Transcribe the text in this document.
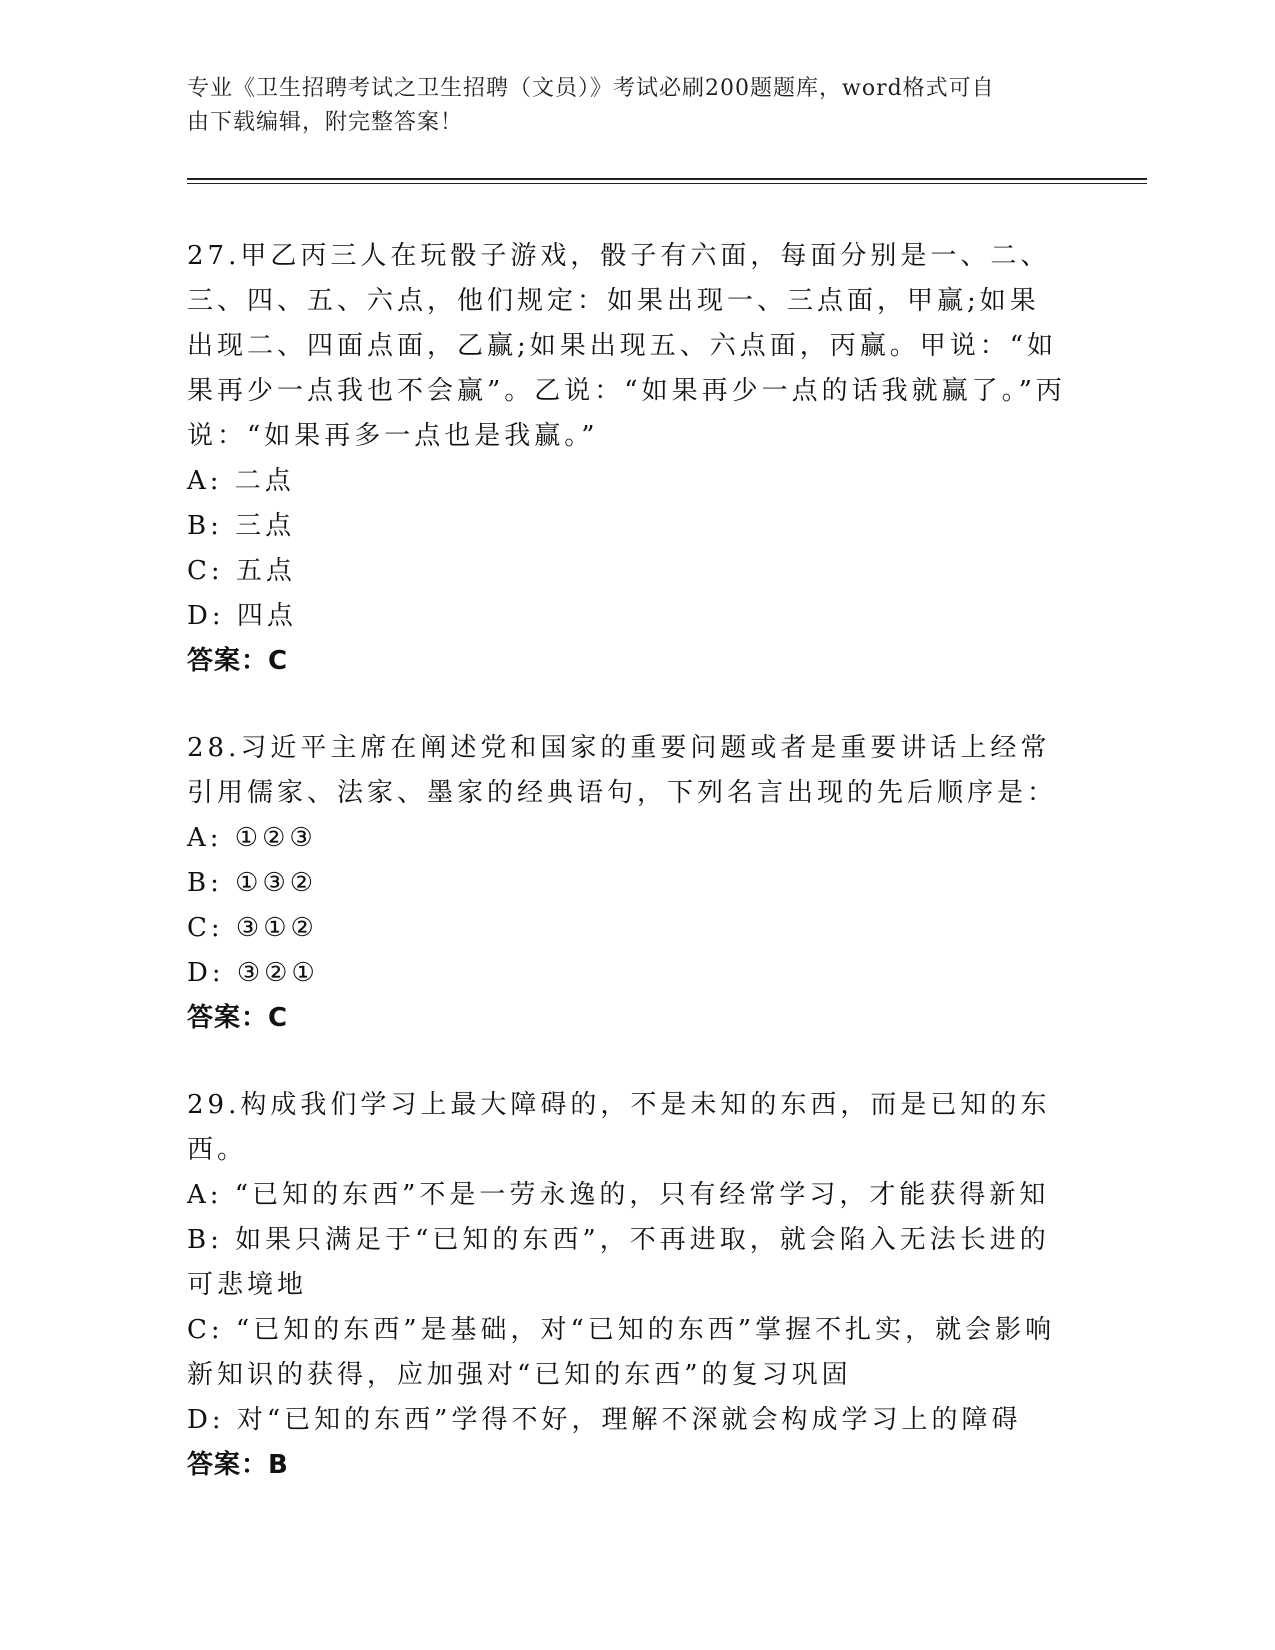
专业《卫生招聘考试之卫生招聘（文员）》考试必刷200题题库，word格式可自
由下载编辑，附完整答案！
27.甲乙丙三人在玩骰子游戏，骰子有六面，每面分别是一、二、三、四、五、六点，他们规定：如果出现一、三点面，甲赢;如果出现二、四面点面，乙赢;如果出现五、六点面，丙赢。甲说：“如果再少一点我也不会赢”。乙说：“如果再少一点的话我就赢了。”丙说：“如果再多一点也是我赢。”
A: 二点
B: 三点
C: 五点
D: 四点
答案：C
28.习近平主席在阐述党和国家的重要问题或者是重要讲话上经常引用儒家、法家、墨家的经典语句，下列名言出现的先后顺序是：
A: ①②③
B: ①③②
C: ③①②
D: ③②①
答案：C
29.构成我们学习上最大障碍的，不是未知的东西，而是已知的东西。
A: “已知的东西”不是一劳永逸的，只有经常学习，才能获得新知
B: 如果只满足于“已知的东西”，不再进取，就会陷入无法长进的可悲境地
C: “已知的东西”是基础，对“已知的东西”掌握不扎实，就会影响新知识的获得，应加强对“已知的东西”的复习巩固
D: 对“已知的东西”学得不好，理解不深就会构成学习上的障碍
答案：B
